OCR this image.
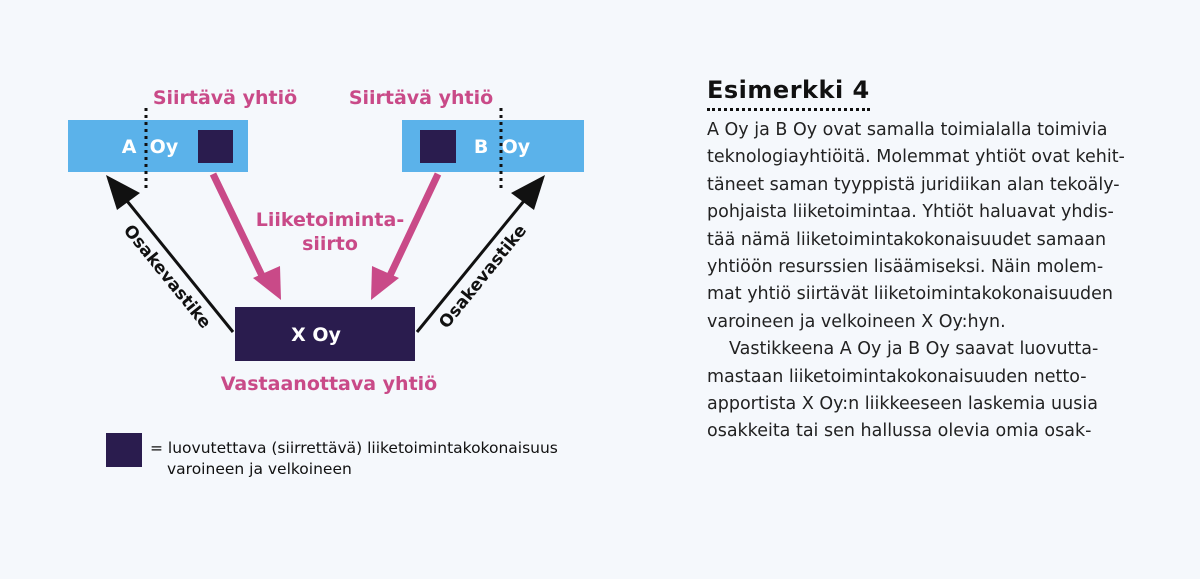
Siirtävä yhtiö	Siirtävä yhtiö
A  Oy	B  Oy
X Oy
Liiketoiminta-
siirto
Osakevastike	Osakevastike
Vastaanottava yhtiö
= luovutettava (siirrettävä) liiketoimintakokonaisuus
varoineen ja velkoineen
Esimerkki 4

A Oy ja B Oy ovat samalla toimialalla toimivia
teknologiayhtiöitä. Molemmat yhtiöt ovat kehit-
täneet saman tyyppistä juridiikan alan tekoäly-
pohjaista liiketoimintaa. Yhtiöt haluavat yhdis-
tää nämä liiketoimintakokonaisuudet samaan
yhtiöön resurssien lisäämiseksi. Näin molem-
mat yhtiö siirtävät liiketoimintakokonaisuuden
varoineen ja velkoineen X Oy:hyn.

Vastikkeena A Oy ja B Oy saavat luovutta-
mastaan liiketoimintakokonaisuuden netto-
apportista X Oy:n liikkeeseen laskemia uusia
osakkeita tai sen hallussa olevia omia osak-
